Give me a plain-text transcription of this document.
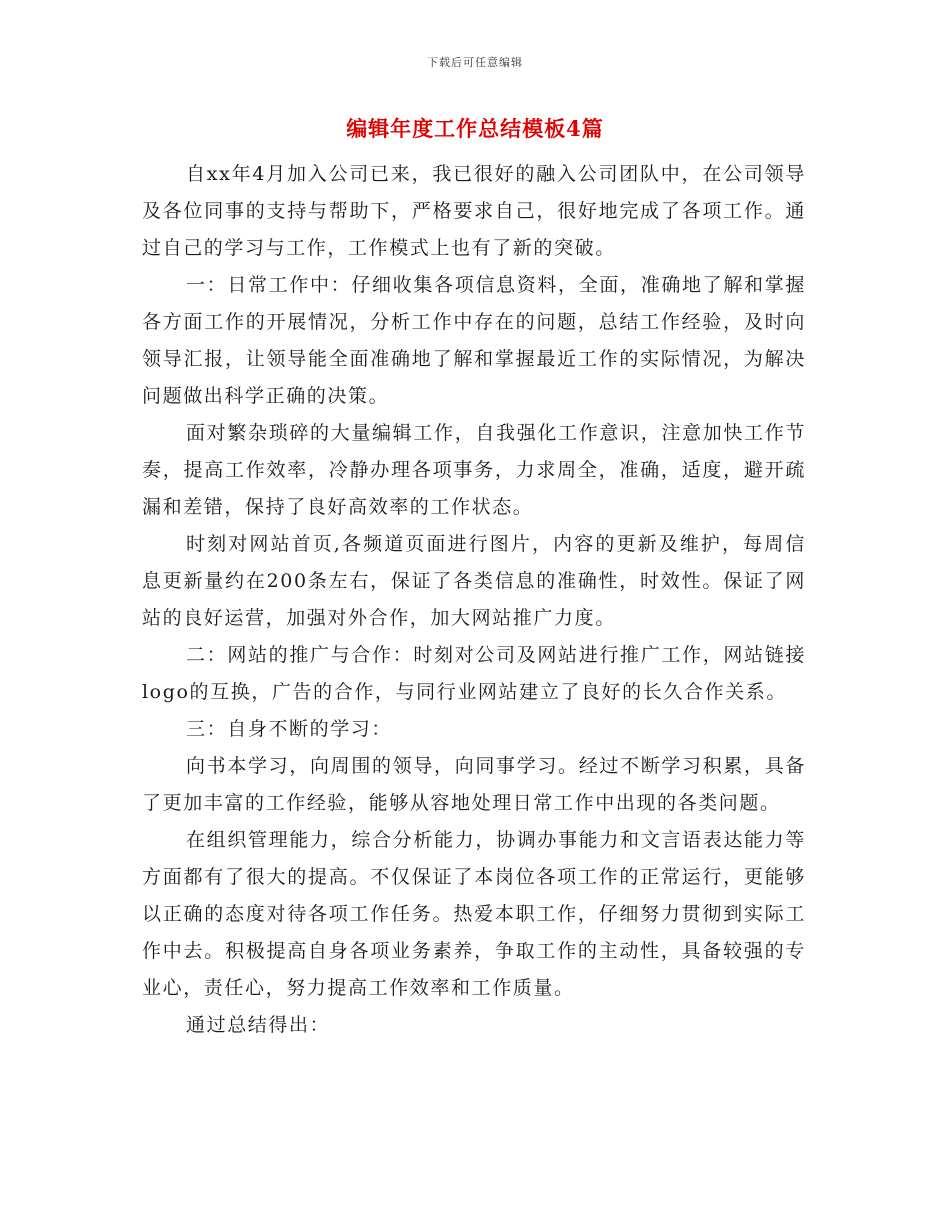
下载后可任意编辑
编辑年度工作总结模板4篇

自xx年4月加入公司已来，我已很好的融入公司团队中，在公司领导及各位同事的支持与帮助下，严格要求自己，很好地完成了各项工作。通过自己的学习与工作，工作模式上也有了新的突破。

一：日常工作中：仔细收集各项信息资料，全面，准确地了解和掌握各方面工作的开展情况，分析工作中存在的问题，总结工作经验，及时向领导汇报，让领导能全面准确地了解和掌握最近工作的实际情况，为解决问题做出科学正确的决策。

面对繁杂琐碎的大量编辑工作，自我强化工作意识，注意加快工作节奏，提高工作效率，冷静办理各项事务，力求周全，准确，适度，避开疏漏和差错，保持了良好高效率的工作状态。

时刻对网站首页,各频道页面进行图片，内容的更新及维护，每周信息更新量约在200条左右，保证了各类信息的准确性，时效性。保证了网站的良好运营，加强对外合作，加大网站推广力度。

二：网站的推广与合作：时刻对公司及网站进行推广工作，网站链接logo的互换，广告的合作，与同行业网站建立了良好的长久合作关系。

三：自身不断的学习：

向书本学习，向周围的领导，向同事学习。经过不断学习积累，具备了更加丰富的工作经验，能够从容地处理日常工作中出现的各类问题。

在组织管理能力，综合分析能力，协调办事能力和文言语表达能力等方面都有了很大的提高。不仅保证了本岗位各项工作的正常运行，更能够以正确的态度对待各项工作任务。热爱本职工作，仔细努力贯彻到实际工作中去。积极提高自身各项业务素养，争取工作的主动性，具备较强的专业心，责任心，努力提高工作效率和工作质量。

通过总结得出：
